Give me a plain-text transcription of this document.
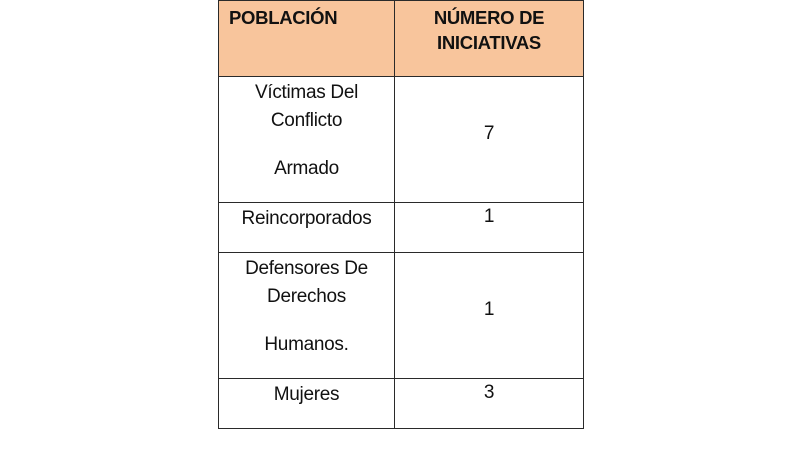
POBLACIÓN	NÚMERO DE
INICIATIVAS

Víctimas Del
Conflicto
Armado	7

Reincorporados	1

Defensores De
Derechos
Humanos.	1

Mujeres	3
